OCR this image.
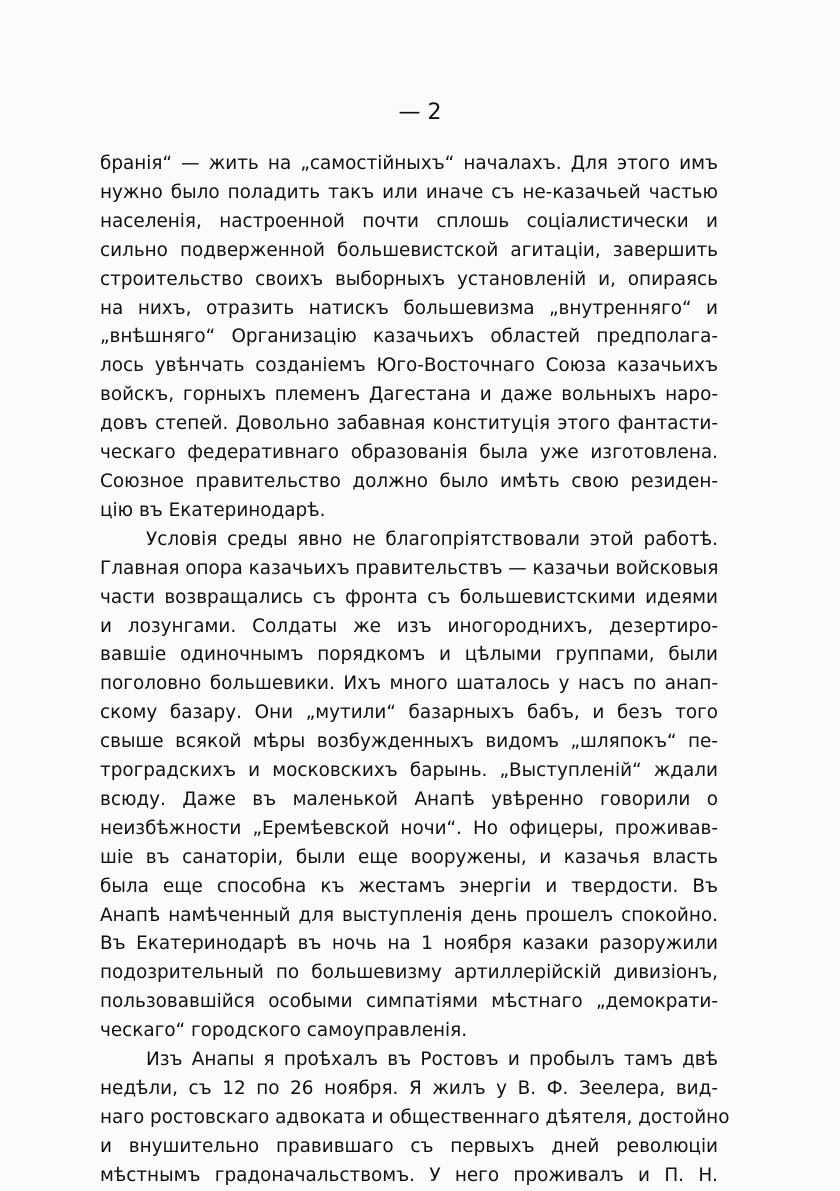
— 2

бранія“ — жить на „самостійныхъ“ началахъ. Для этого имъ
нужно было поладить такъ или иначе съ не-казачьей частью
населенія, настроенной почти сплошь соціалистически и
сильно подверженной большевистской агитаціи, завершить
строительство своихъ выборныхъ установленій и, опираясь
на нихъ, отразить натискъ большевизма „внутренняго“ и
„внѣшняго“ Организацію казачьихъ областей предполага-
лось увѣнчать созданіемъ Юго-Восточнаго Союза казачьихъ
войскъ, горныхъ племенъ Дагестана и даже вольныхъ наро-
довъ степей. Довольно забавная конституція этого фантасти-
ческаго федеративнаго образованія была уже изготовлена.
Союзное правительство должно было имѣть свою резиден-
цію въ Екатеринодарѣ.

Условія среды явно не благопріятствовали этой работѣ.
Главная опора казачьихъ правительствъ — казачьи войсковыя
части возвращались съ фронта съ большевистскими идеями
и лозунгами. Солдаты же изъ иногороднихъ, дезертиро-
вавшіе одиночнымъ порядкомъ и цѣлыми группами, были
поголовно большевики. Ихъ много шаталось у насъ по анап-
скому базару. Они „мутили“ базарныхъ бабъ, и безъ того
свыше всякой мѣры возбужденныхъ видомъ „шляпокъ“ пе-
троградскихъ и московскихъ барынь. „Выступленій“ ждали
всюду. Даже въ маленькой Анапѣ увѣренно говорили о
неизбѣжности „Еремѣевской ночи“. Но офицеры, проживав-
шіе въ санаторіи, были еще вооружены, и казачья власть
была еще способна къ жестамъ энергіи и твердости. Въ
Анапѣ намѣченный для выступленія день прошелъ спокойно.
Въ Екатеринодарѣ въ ночь на 1 ноября казаки разоружили
подозрительный по большевизму артиллерійскій дивизіонъ,
пользовавшійся особыми симпатіями мѣстнаго „демократи-
ческаго“ городского самоуправленія.

Изъ Анапы я проѣхалъ въ Ростовъ и пробылъ тамъ двѣ
недѣли, съ 12 по 26 ноября. Я жилъ у В. Ф. Зеелера, вид-
наго ростовскаго адвоката и общественнаго дѣятеля, достойно
и внушительно правившаго съ первыхъ дней революціи
мѣстнымъ градоначальствомъ. У него проживалъ и П. Н.
